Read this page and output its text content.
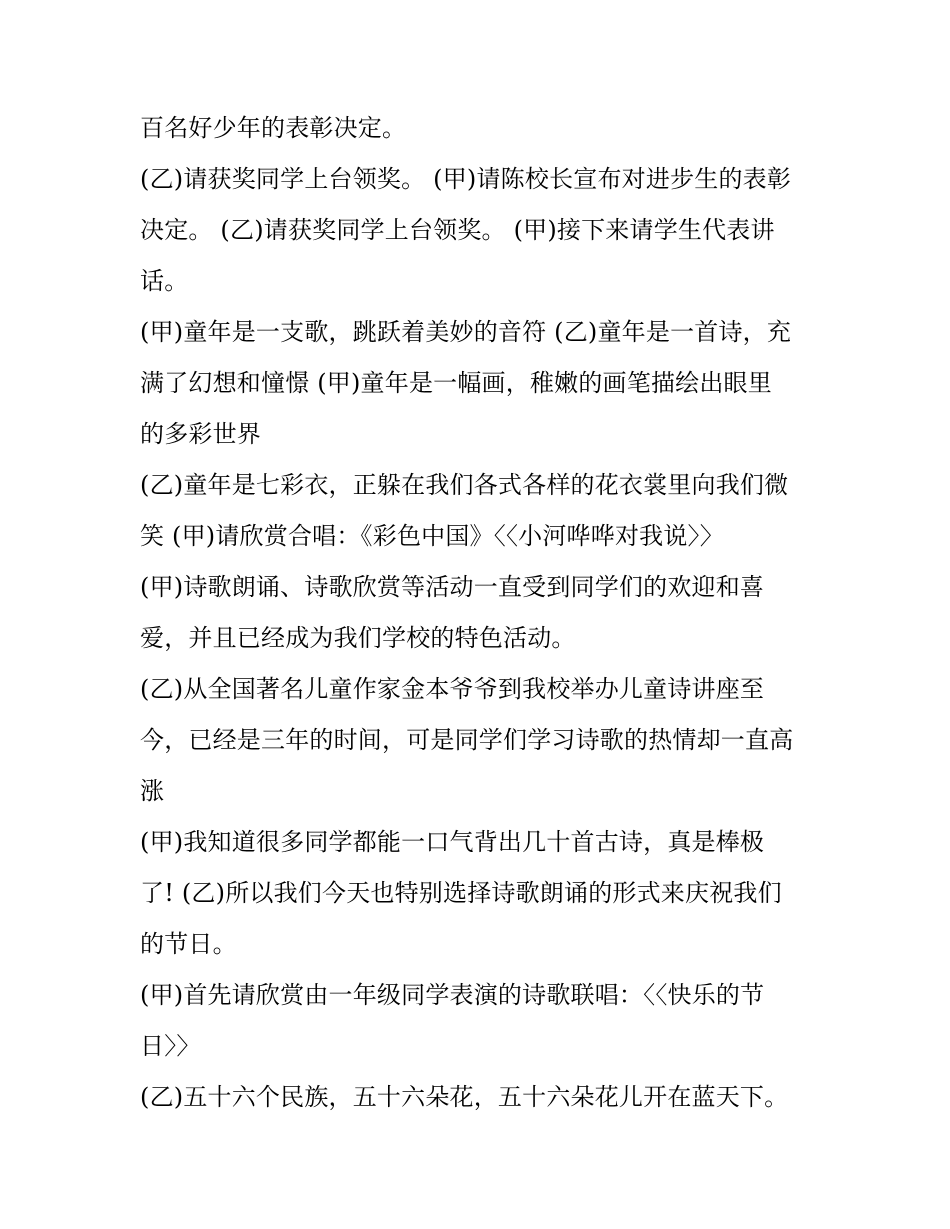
百名好少年的表彰决定。
(乙)请获奖同学上台领奖。 (甲)请陈校长宣布对进步生的表彰
决定。 (乙)请获奖同学上台领奖。 (甲)接下来请学生代表讲
话。
(甲)童年是一支歌，跳跃着美妙的音符 (乙)童年是一首诗，充
满了幻想和憧憬 (甲)童年是一幅画，稚嫩的画笔描绘出眼里
的多彩世界
(乙)童年是七彩衣，正躲在我们各式各样的花衣裳里向我们微
笑 (甲)请欣赏合唱：《彩色中国》〈〈小河哗哗对我说〉〉
(甲)诗歌朗诵、诗歌欣赏等活动一直受到同学们的欢迎和喜
爱，并且已经成为我们学校的特色活动。
(乙)从全国著名儿童作家金本爷爷到我校举办儿童诗讲座至
今，已经是三年的时间，可是同学们学习诗歌的热情却一直高
涨
(甲)我知道很多同学都能一口气背出几十首古诗，真是棒极
了! (乙)所以我们今天也特别选择诗歌朗诵的形式来庆祝我们
的节日。
(甲)首先请欣赏由一年级同学表演的诗歌联唱：〈〈快乐的节
日〉〉
(乙)五十六个民族，五十六朵花，五十六朵花儿开在蓝天下。
